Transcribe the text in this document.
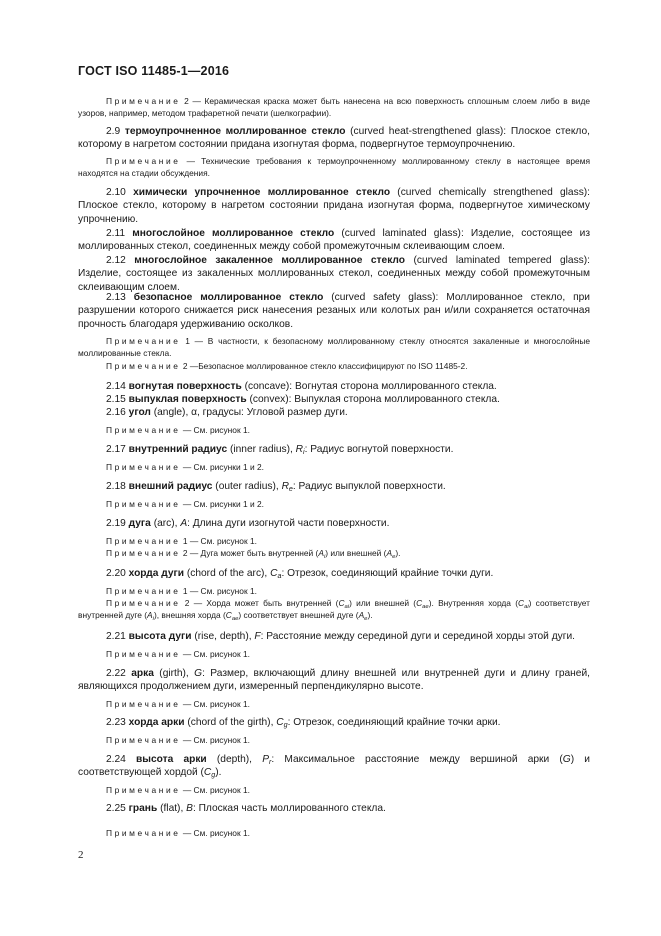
ГОСТ ISO 11485-1—2016
Примечание 2 — Керамическая краска может быть нанесена на всю поверхность сплошным слоем либо в виде узоров, например, методом трафаретной печати (шелкографии).
2.9 термоупрочненное моллированное стекло (curved heat-strengthened glass): Плоское стекло, которому в нагретом состоянии придана изогнутая форма, подвергнутое термоупрочнению.
Примечание — Технические требования к термоупрочненному моллированному стеклу в настоящее время находятся на стадии обсуждения.
2.10 химически упрочненное моллированное стекло (curved chemically strengthened glass): Плоское стекло, которому в нагретом состоянии придана изогнутая форма, подвергнутое химическому упрочнению.
2.11 многослойное моллированное стекло (curved laminated glass): Изделие, состоящее из моллированных стекол, соединенных между собой промежуточным склеивающим слоем.
2.12 многослойное закаленное моллированное стекло (curved laminated tempered glass): Изделие, состоящее из закаленных моллированных стекол, соединенных между собой промежуточным склеивающим слоем.
2.13 безопасное моллированное стекло (curved safety glass): Моллированное стекло, при разрушении которого снижается риск нанесения резаных или колотых ран и/или сохраняется остаточная прочность благодаря удерживанию осколков.
Примечание 1 — В частности, к безопасному моллированному стеклу относятся закаленные и многослойные моллированные стекла.
Примечание 2 —Безопасное моллированное стекло классифицируют по ISO 11485-2.
2.14 вогнутая поверхность (concave): Вогнутая сторона моллированного стекла.
2.15 выпуклая поверхность (convex): Выпуклая сторона моллированного стекла.
2.16 угол (angle), α, градусы: Угловой размер дуги.
Примечание — См. рисунок 1.
2.17 внутренний радиус (inner radius), $R_i$: Радиус вогнутой поверхности.
Примечание — См. рисунки 1 и 2.
2.18 внешний радиус (outer radius), $R_e$: Радиус выпуклой поверхности.
Примечание — См. рисунки 1 и 2.
2.19 дуга (arc), A: Длина дуги изогнутой части поверхности.
Примечание 1 — См. рисунок 1.
Примечание 2 — Дуга может быть внутренней $(A_i)$ или внешней $(A_e)$.
2.20 хорда дуги (chord of the arc), $C_a$: Отрезок, соединяющий крайние точки дуги.
Примечание 1 — См. рисунок 1.
Примечание 2 — Хорда может быть внутренней $(C_{ai})$ или внешней $(C_{ae})$. Внутренняя хорда $(C_{ai})$ соответствует внутренней дуге $(A_i)$, внешняя хорда $(C_{ae})$ соответствует внешней дуге $(A_e)$.
2.21 высота дуги (rise, depth), F: Расстояние между серединой дуги и серединой хорды этой дуги.
Примечание — См. рисунок 1.
2.22 арка (girth), G: Размер, включающий длину внешней или внутренней дуги и длину граней, являющихся продолжением дуги, измеренный перпендикулярно высоте.
Примечание — См. рисунок 1.
2.23 хорда арки (chord of the girth), $C_g$: Отрезок, соединяющий крайние точки арки.
Примечание — См. рисунок 1.
2.24 высота арки (depth), $P_r$: Максимальное расстояние между вершиной арки (G) и соответствующей хордой $(C_g)$.
Примечание — См. рисунок 1.
2.25 грань (flat), B: Плоская часть моллированного стекла.
Примечание — См. рисунок 1.
2
